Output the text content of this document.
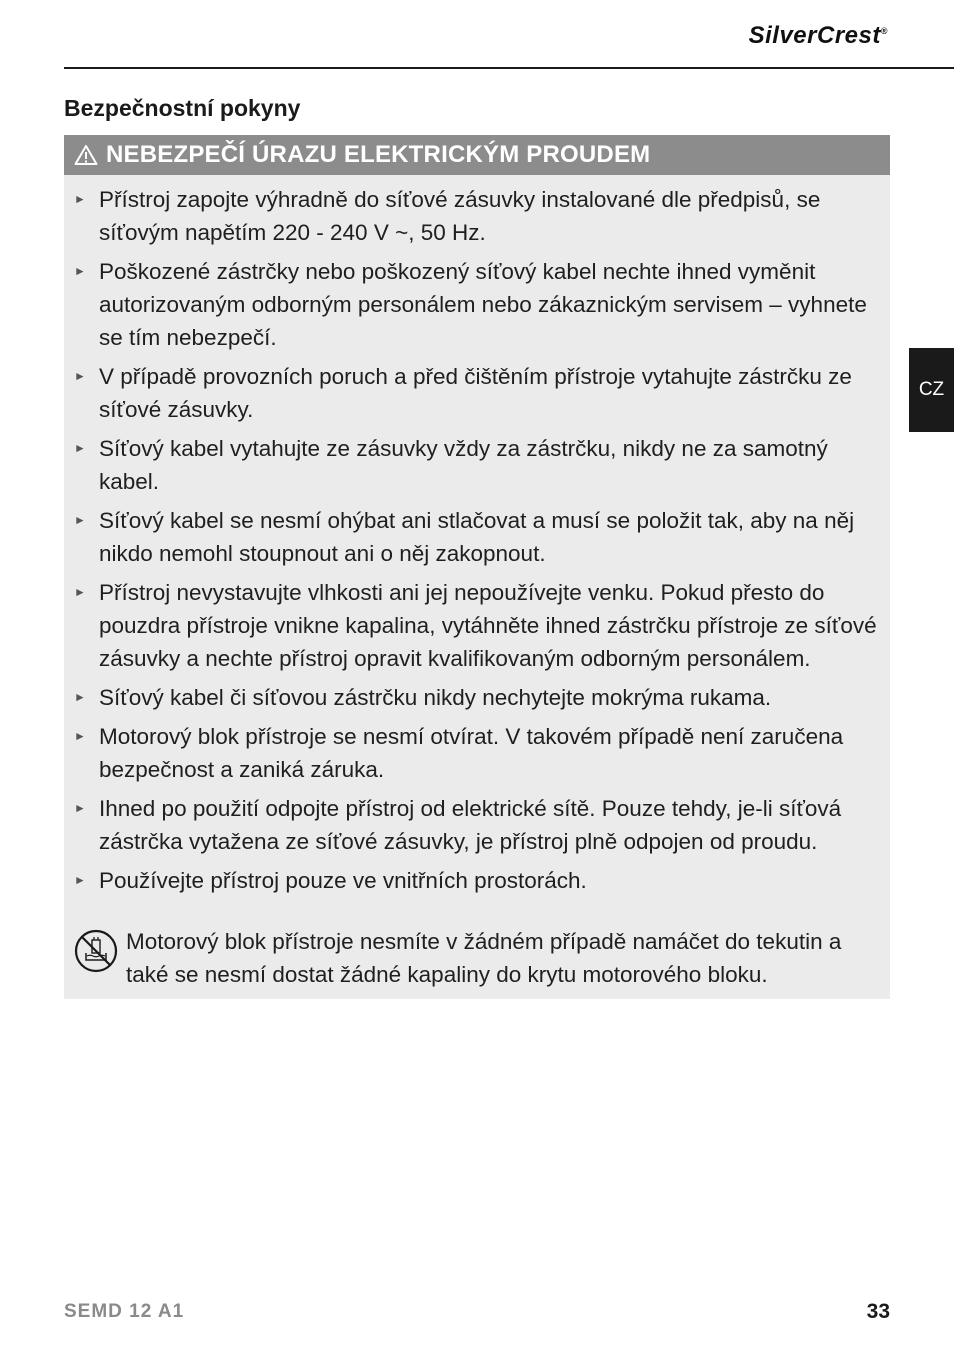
SilverCrest®
Bezpečnostní pokyny
NEBEZPEČÍ ÚRAZU ELEKTRICKÝM PROUDEM
► Přístroj zapojte výhradně do síťové zásuvky instalované dle předpisů, se síťovým napětím 220 - 240 V ~, 50 Hz.
► Poškozené zástrčky nebo poškozený síťový kabel nechte ihned vyměnit autorizovaným odborným personálem nebo zákaznickým servisem – vyhnete se tím nebezpečí.
► V případě provozních poruch a před čištěním přístroje vytahujte zástrčku ze síťové zásuvky.
► Síťový kabel vytahujte ze zásuvky vždy za zástrčku, nikdy ne za samotný kabel.
► Síťový kabel se nesmí ohýbat ani stlačovat a musí se položit tak, aby na něj nikdo nemohl stoupnout ani o něj zakopnout.
► Přístroj nevystavujte vlhkosti ani jej nepoužívejte venku. Pokud přesto do pouzdra přístroje vnikne kapalina, vytáhněte ihned zástrčku přístroje ze síťové zásuvky a nechte přístroj opravit kvalifikovaným odborným personálem.
► Síťový kabel či síťovou zástrčku nikdy nechytejte mokrýma rukama.
► Motorový blok přístroje se nesmí otvírat. V takovém případě není zaručena bezpečnost a zaniká záruka.
► Ihned po použití odpojte přístroj od elektrické sítě. Pouze tehdy, je-li síťová zástrčka vytažena ze síťové zásuvky, je přístroj plně odpojen od proudu.
► Používejte přístroj pouze ve vnitřních prostorách.
Motorový blok přístroje nesmíte v žádném případě namáčet do tekutin a také se nesmí dostat žádné kapaliny do krytu motorového bloku.
CZ
SEMD 12 A1	33
